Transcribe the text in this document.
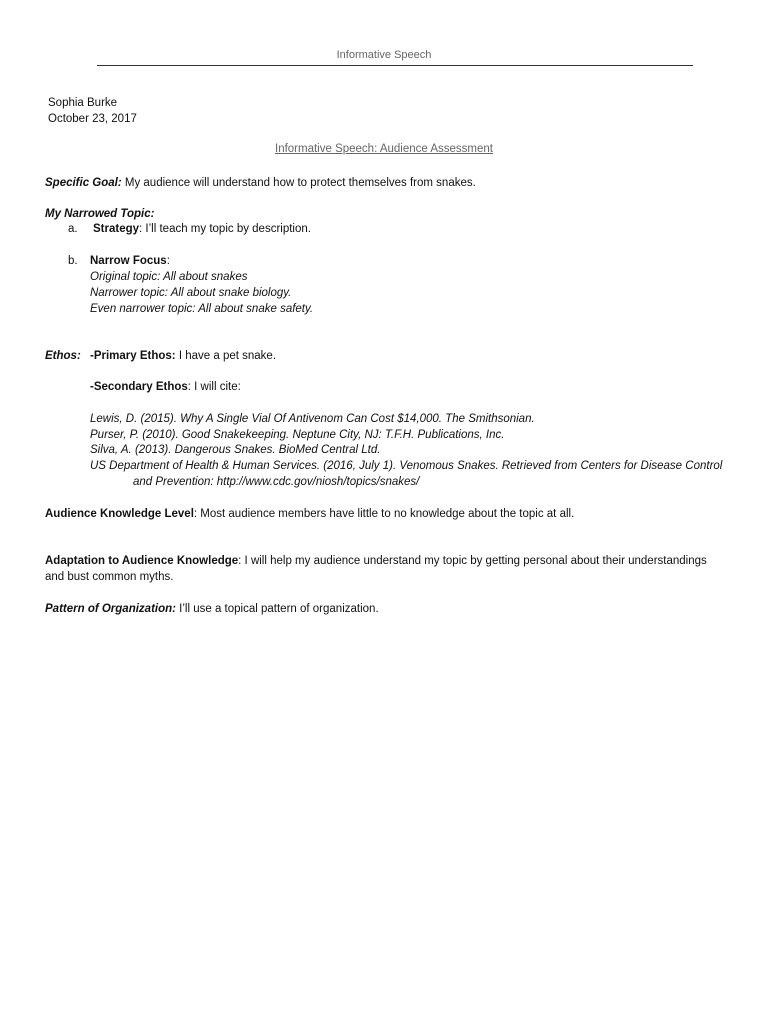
Informative Speech
Sophia Burke
October 23, 2017
Informative Speech: Audience Assessment
Specific Goal: My audience will understand how to protect themselves from snakes.
My Narrowed Topic:
a. Strategy: I’ll teach my topic by description.
b. Narrow Focus:
Original topic: All about snakes
Narrower topic: All about snake biology.
Even narrower topic: All about snake safety.
Ethos: -Primary Ethos: I have a pet snake.
-Secondary Ethos: I will cite:
Lewis, D. (2015). Why A Single Vial Of Antivenom Can Cost $14,000. The Smithsonian.
Purser, P. (2010). Good Snakekeeping. Neptune City, NJ: T.F.H. Publications, Inc.
Silva, A. (2013). Dangerous Snakes. BioMed Central Ltd.
US Department of Health & Human Services. (2016, July 1). Venomous Snakes. Retrieved from Centers for Disease Control
and Prevention: http://www.cdc.gov/niosh/topics/snakes/
Audience Knowledge Level: Most audience members have little to no knowledge about the topic at all.
Adaptation to Audience Knowledge: I will help my audience understand my topic by getting personal about their understandings and bust common myths.
Pattern of Organization: I’ll use a topical pattern of organization.
